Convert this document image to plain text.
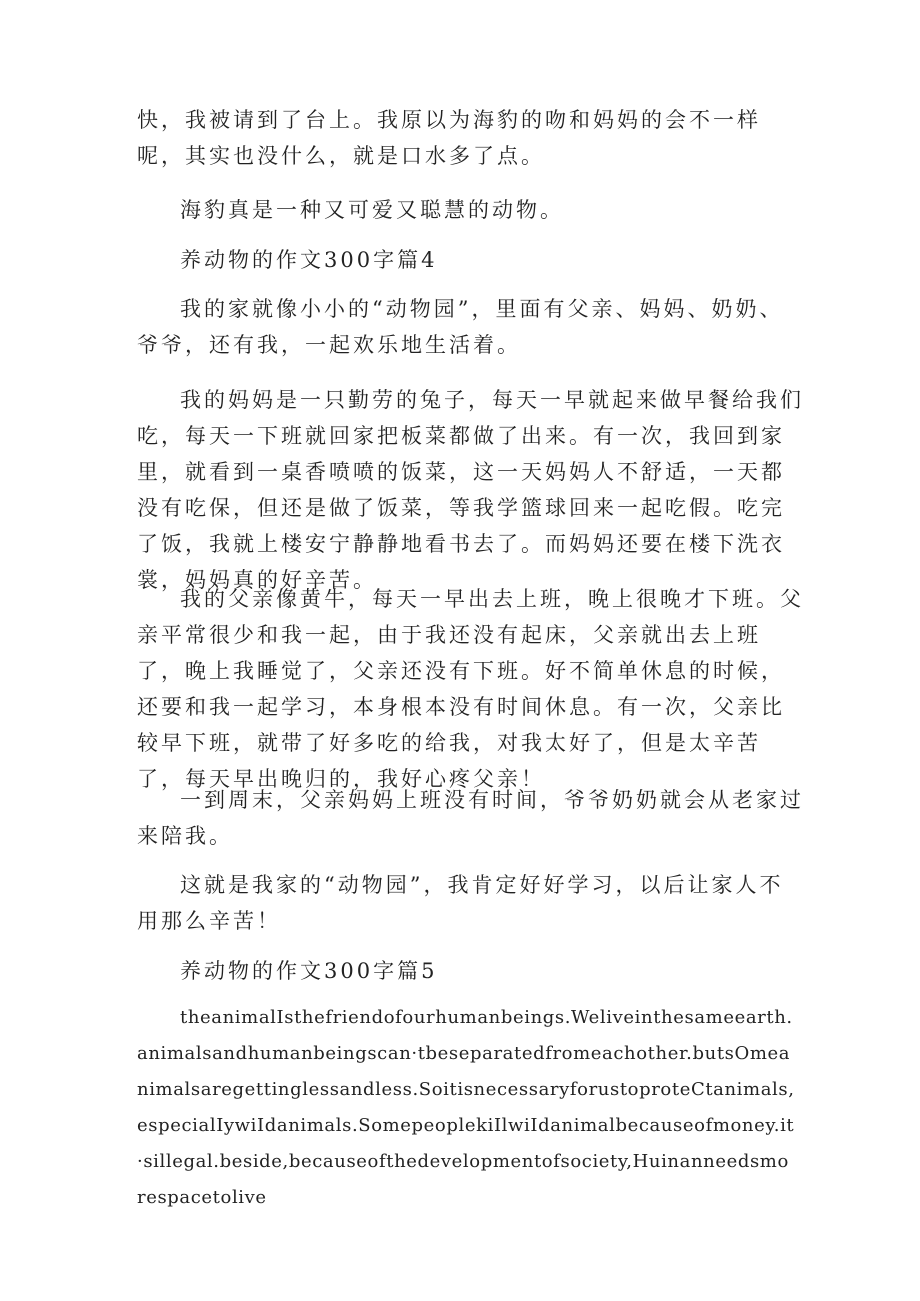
快，我被请到了台上。我原以为海豹的吻和妈妈的会不一样呢，其实也没什么，就是口水多了点。

海豹真是一种又可爱又聪慧的动物。

养动物的作文300字篇4

我的家就像小小的“动物园”，里面有父亲、妈妈、奶奶、爷爷，还有我，一起欢乐地生活着。

我的妈妈是一只勤劳的兔子，每天一早就起来做早餐给我们吃，每天一下班就回家把板菜都做了出来。有一次，我回到家里，就看到一桌香喷喷的饭菜，这一天妈妈人不舒适，一天都没有吃保，但还是做了饭菜，等我学篮球回来一起吃假。吃完了饭，我就上楼安宁静静地看书去了。而妈妈还要在楼下洗衣裳，妈妈真的好辛苦。

我的父亲像黄牛，每天一早出去上班，晚上很晚才下班。父亲平常很少和我一起，由于我还没有起床，父亲就出去上班了，晚上我睡觉了，父亲还没有下班。好不简单休息的时候，还要和我一起学习，本身根本没有时间休息。有一次，父亲比较早下班，就带了好多吃的给我，对我太好了，但是太辛苦了，每天早出晚归的，我好心疼父亲！

一到周末，父亲妈妈上班没有时间，爷爷奶奶就会从老家过来陪我。

这就是我家的“动物园”，我肯定好好学习，以后让家人不用那么辛苦！

养动物的作文300字篇5

theanimalIsthefriendofourhumanbeings.Weliveinthesameearth.animalsandhumanbeingscan·tbeseparatedfromeachother.butsOmeanimalsaregettinglessandless.SoitisnecessaryforustoproteCtanimals,especialIywiIdanimals.SomepeoplekiIlwiIdanimalbecauseofmoney.it·sillegal.beside,becauseofthedevelopmentofsociety,Huinanneedsmorespacetolive
